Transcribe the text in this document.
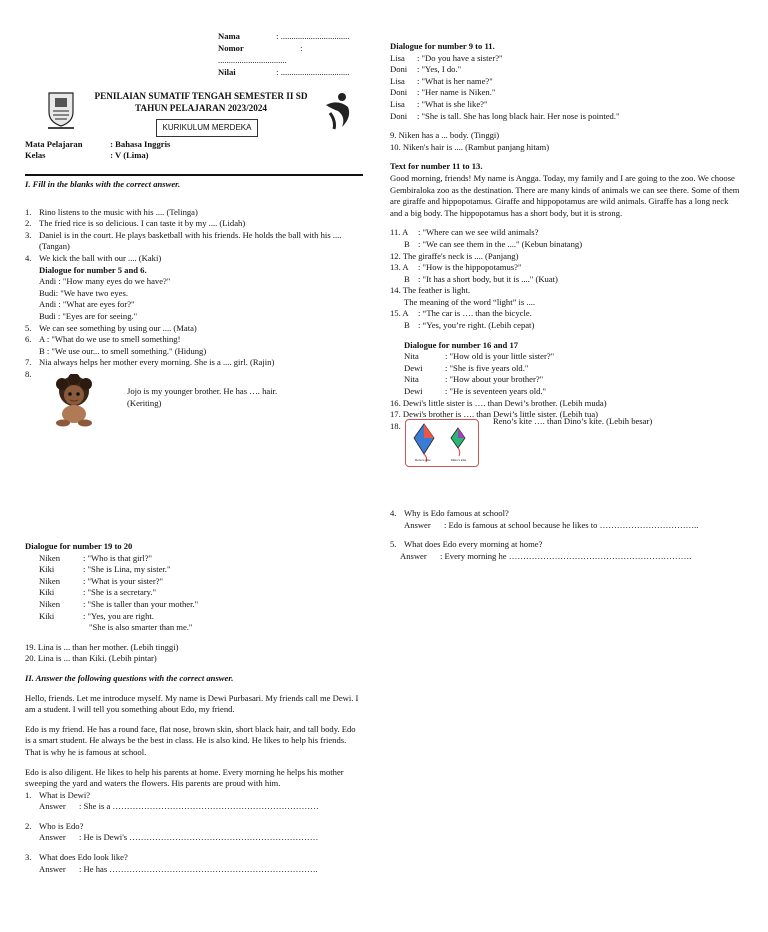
Nama	: ................................
Nomor	:
................................
Nilai	: ................................
PENILAIAN SUMATIF TENGAH SEMESTER II SD
TAHUN PELAJARAN 2023/2024
KURIKULUM MERDEKA
Mata Pelajaran	: Bahasa Inggris
Kelas	: V (Lima)
I. Fill in the blanks with the correct answer.
1. Rino listens to the music with his .... (Telinga)
2. The fried rice is so delicious. I can taste it by my .... (Lidah)
3. Daniel is in the court. He plays basketball with his friends. He holds the ball with his ....
(Tangan)
4. We kick the ball with our .... (Kaki)
Dialogue for number 5 and 6.
Andi : "How many eyes do we have?"
Budi: "We have two eyes.
Andi : "What are eyes for?"
Budi : "Eyes are for seeing."
5. We can see something by using our .... (Mata)
6. A : "What do we use to smell something!
B : "We use our... to smell something." (Hidung)
7. Nia always helps her mother every morning. She is a .... girl. (Rajin)
8.
Jojo is my younger brother. He has …. hair.
(Keriting)
Dialogue for number 19 to 20
Niken	: "Who is that girl?"
Kiki	: "She is Lina, my sister."
Niken	: "What is your sister?"
Kiki	: "She is a secretary."
Niken	: "She is taller than your mother."
Kiki	: "Yes, you are right.
"She is also smarter than me."
19. Lina is ... than her mother. (Lebih tinggi)
20. Lina is ... than Kiki. (Lebih pintar)
II. Answer the following questions with the correct answer.
Hello, friends. Let me introduce myself. My name is Dewi Purbasari. My friends call me Dewi. I am a student. I will tell you something about Edo, my friend.
Edo is my friend. He has a round face, flat nose, brown skin, short black hair, and tall body. Edo is a smart student. He always be the best in class. He is also kind. He likes to help his friends. That is why he is famous at school.
Edo is also diligent. He likes to help his parents at home. Every morning he helps his mother sweeping the yard and waters the flowers. His parents are proud with him.
1. What is Dewi?
Answer : She is a ………………………………………………………………
2. Who is Edo?
Answer : He is Dewi's …………………………………………………………
3. What does Edo look like?
Answer : He has ……………………………………………………………….
Dialogue for number 9 to 11.
Lisa	: "Do you have a sister?"
Doni	: "Yes, I do."
Lisa	: "What is her name?"
Doni	: "Her name is Niken."
Lisa	: "What is she like?"
Doni	: "She is tall. She has long black hair. Her nose is pointed."
9. Niken has a ... body. (Tinggi)
10. Niken's hair is .... (Rambut panjang hitam)
Text for number 11 to 13.
Good morning, friends! My name is Angga. Today, my family and I are going to the zoo. We choose Gembiraloka zoo as the destination. There are many kinds of animals we can see there. Some of them are giraffe and hippopotamus. Giraffe and hippopotamus are wild animals. Giraffe has a long neck and a big body. The hippopotamus has a short body, but it is strong.
11. A	: "Where can we see wild animals?
B : "We can see them in the ...." (Kebun binatang)
12. The giraffe's neck is .... (Panjang)
13. A	: "How is the hippopotamus?"
B : "It has a short body, but it is ...." (Kuat)
14. The feather is light.
The meaning of the word “light” is ....
15. A	: “The car is …. than the bicycle.
B : “Yes, you’re right. (Lebih cepat)
Dialogue for number 16 and 17
Nita	: "How old is your little sister?"
Dewi	: "She is five years old."
Nita	: "How about your brother?"
Dewi	: "He is seventeen years old."
16. Dewi's little sister is …. than Dewi’s brother. (Lebih muda)
17. Dewi's brother is …. than Dewi’s little sister. (Lebih tua)
18.
Reno's kite	Dino's kite
Reno’s kite …. than Dino’s kite. (Lebih besar)
4. Why is Edo famous at school?
Answer : Edo is famous at school because he likes to ……………………………..
5. What does Edo every morning at home?
Answer : Every morning he ……………………………………………………….
